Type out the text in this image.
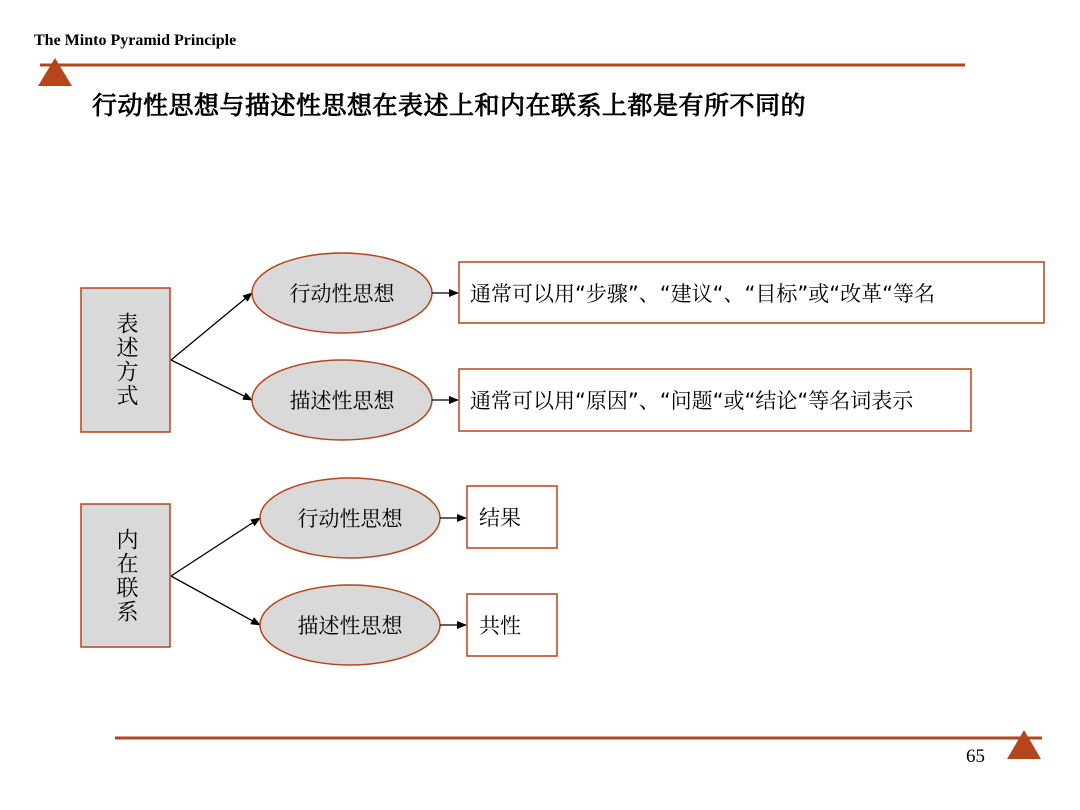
The Minto Pyramid Principle
行动性思想与描述性思想在表述上和内在联系上都是有所不同的
表述方式
行动性思想
描述性思想
通常可以用“步骤”、“建议“、“目标”或“改革“等名
通常可以用“原因”、“问题“或“结论“等名词表示
内在联系
行动性思想
描述性思想
结果
共性
65
